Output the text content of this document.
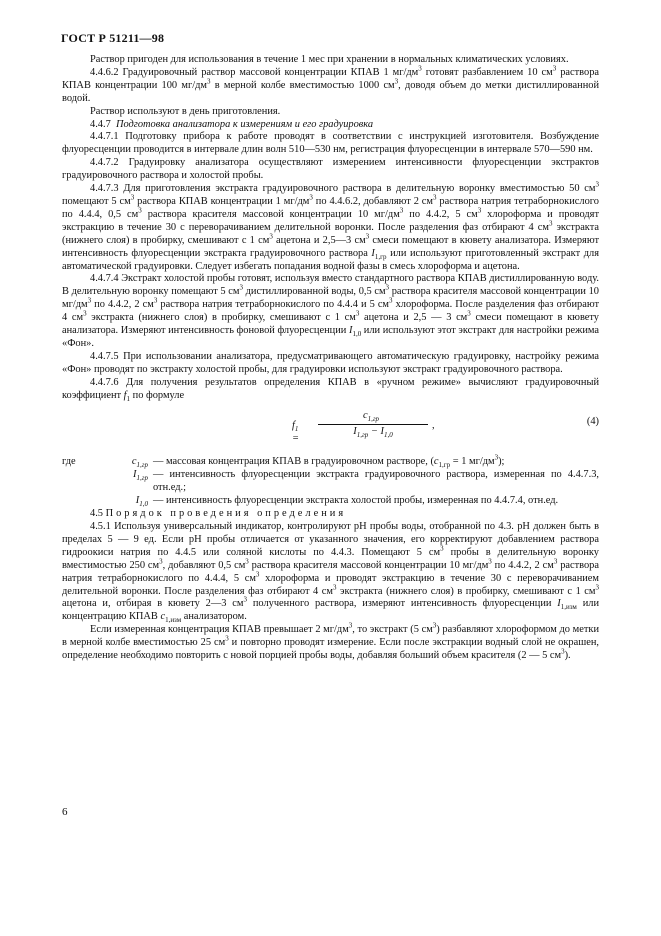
ГОСТ Р 51211—98

Раствор пригоден для использования в течение 1 мес при хранении в нормальных климатических условиях.

4.4.6.2 Градуировочный раствор массовой концентрации КПАВ 1 $мг/дм^3$ готовят разбавлением 10 $см^3$ раствора КПАВ концентрации 100 $мг/дм^3$ в мерной колбе вместимостью 1000 $см^3$, доводя объем до метки дистиллированной водой.

Раствор используют в день приготовления.

4.4.7 Подготовка анализатора к измерениям и его градуировка

4.4.7.1 Подготовку прибора к работе проводят в соответствии с инструкцией изготовителя. Возбуждение флуоресценции проводится в интервале длин волн 510—530 нм, регистрация флуоресценции в интервале 570—590 нм.

4.4.7.2 Градуировку анализатора осуществляют измерением интенсивности флуоресценции экстрактов градуировочного раствора и холостой пробы.

4.4.7.3 Для приготовления экстракта градуировочного раствора в делительную воронку вместимостью 50 $см^3$ помещают 5 $см^3$ раствора КПАВ концентрации 1 $мг/дм^3$ по 4.4.6.2, добавляют 2 $см^3$ раствора натрия тетраборнокислого по 4.4.4, 0,5 $см^3$ раствора красителя массовой концентрации 10 $мг/дм^3$ по 4.4.2, 5 $см^3$ хлороформа и проводят экстракцию в течение 30 с переворачиванием делительной воронки. После разделения фаз отбирают 4 $см^3$ экстракта (нижнего слоя) в пробирку, смешивают с 1 $см^3$ ацетона и 2,5—3 $см^3$ смеси помещают в кювету анализатора. Измеряют интенсивность флуоресценции экстракта градуировочного раствора $I_{1,гр}$ или используют приготовленный экстракт для автоматической градуировки. Следует избегать попадания водной фазы в смесь хлороформа и ацетона.

4.4.7.4 Экстракт холостой пробы готовят, используя вместо стандартного раствора КПАВ дистиллированную воду. В делительную воронку помещают 5 $см^3$ дистиллированной воды, 0,5 $см^3$ раствора красителя массовой концентрации 10 $мг/дм^3$ по 4.4.2, 2 $см^3$ раствора натрия тетраборнокислого по 4.4.4 и 5 $см^3$ хлороформа. После разделения фаз отбирают 4 $см^3$ экстракта (нижнего слоя) в пробирку, смешивают с 1 $см^3$ ацетона и 2,5 — 3 $см^3$ смеси помещают в кювету анализатора. Измеряют интенсивность фоновой флуоресценции $I_{1,0}$ или используют этот экстракт для настройки режима «Фон».

4.4.7.5 При использовании анализатора, предусматривающего автоматическую градуировку, настройку режима «Фон» проводят по экстракту холостой пробы, для градуировки используют экстракт градуировочного раствора.

4.4.7.6 Для получения результатов определения КПАВ в «ручном режиме» вычисляют градуировочный коэффициент $f_1$ по формуле

$f_1$ =
$c_{1,гр}$
$I_{1,гр} - I_{1,0}$
,	(4)
где	$c_{1,гр}$ — массовая концентрация КПАВ в градуировочном растворе, ($c_{1,гр} = 1$ $мг/дм^3$);
$I_{1,гр}$ — интенсивность флуоресценции экстракта градуировочного раствора, измеренная по 4.4.7.3, отн.ед.;
$I_{1,0}$ — интенсивность флуоресценции экстракта холостой пробы, измеренная по 4.4.7.4, отн.ед.

4.5 Порядок проведения определения

4.5.1 Используя универсальный индикатор, контролируют pH пробы воды, отобранной по 4.3. pH должен быть в пределах 5 — 9 ед. Если pH пробы отличается от указанного значения, его корректируют добавлением раствора гидроокиси натрия по 4.4.5 или соляной кислоты по 4.4.3. Помещают 5 $см^3$ пробы в делительную воронку вместимостью 250 $см^3$, добавляют 0,5 $см^3$ раствора красителя массовой концентрации 10 $мг/дм^3$ по 4.4.2, 2 $см^3$ раствора натрия тетраборнокислого по 4.4.4, 5 $см^3$ хлороформа и проводят экстракцию в течение 30 с переворачиванием делительной воронки. После разделения фаз отбирают 4 $см^3$ экстракта (нижнего слоя) в пробирку, смешивают с 1 $см^3$ ацетона и, отбирая в кювету 2—3 $см^3$ полученного раствора, измеряют интенсивность флуоресценции $I_{1,изм}$ или концентрацию КПАВ $c_{1,изм}$ анализатором.

Если измеренная концентрация КПАВ превышает 2 $мг/дм^3$, то экстракт (5 $см^3$) разбавляют хлороформом до метки в мерной колбе вместимостью 25 $см^3$ и повторно проводят измерение. Если после экстракции водный слой не окрашен, определение необходимо повторить с новой порцией пробы воды, добавляя больший объем красителя (2 — 5 $см^3$).

6
